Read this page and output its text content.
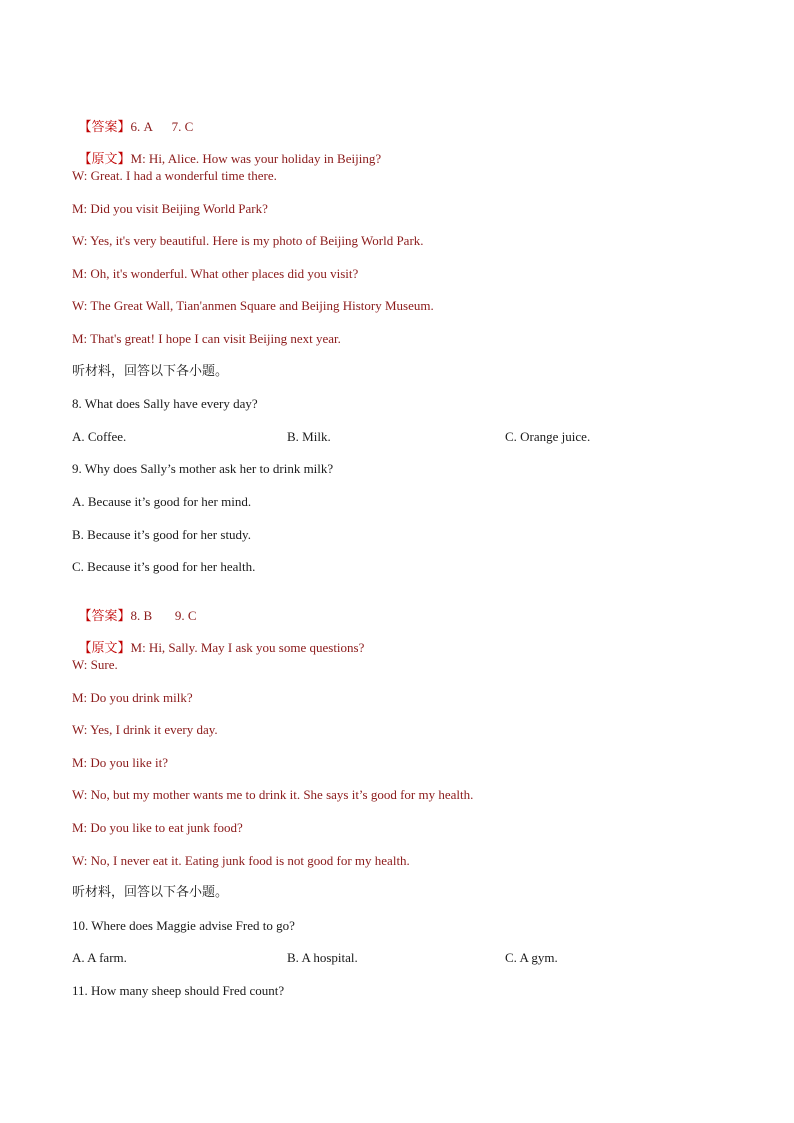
【答案】6. A      7. C

【原文】M: Hi, Alice. How was your holiday in Beijing?

W: Great. I had a wonderful time there.
M: Did you visit Beijing World Park?
W: Yes, it's very beautiful. Here is my photo of Beijing World Park.
M: Oh, it's wonderful. What other places did you visit?
W: The Great Wall, Tian'anmen Square and Beijing History Museum.
M: That's great! I hope I can visit Beijing next year.
听材料，回答以下各小题。
8. What does Sally have every day?
A. Coffee.	B. Milk.	C. Orange juice.
9. Why does Sally’s mother ask her to drink milk?
A. Because it’s good for her mind.
B. Because it’s good for her study.
C. Because it’s good for her health.

【答案】8. B       9. C

【原文】M: Hi, Sally. May I ask you some questions?

W: Sure.
M: Do you drink milk?
W: Yes, I drink it every day.
M: Do you like it?
W: No, but my mother wants me to drink it. She says it’s good for my health.
M: Do you like to eat junk food?
W: No, I never eat it. Eating junk food is not good for my health.
听材料，回答以下各小题。
10. Where does Maggie advise Fred to go?
A. A farm.	B. A hospital.	C. A gym.
11. How many sheep should Fred count?
